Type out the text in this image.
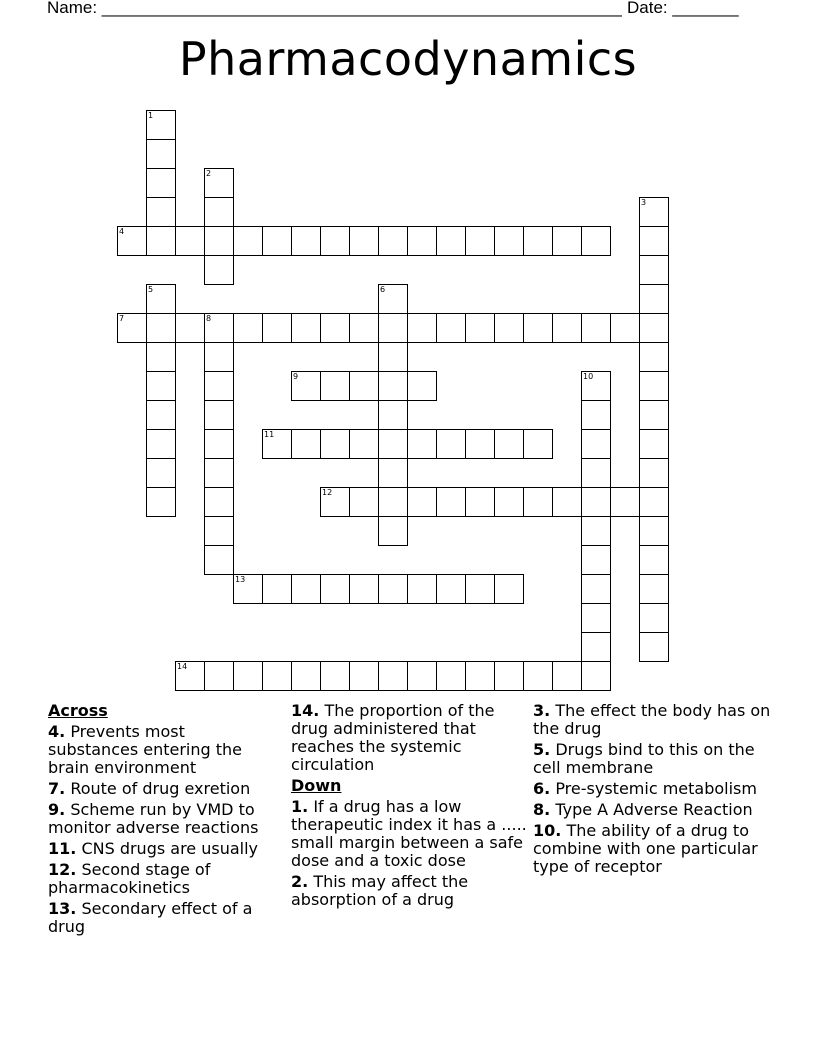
Name: _______________________________________________________ Date: _______
Pharmacodynamics
1
2
3
4
5	6
7	8
9	10
11
12
13
14
Across
4. Prevents most substances entering the brain environment
7. Route of drug exretion
9. Scheme run by VMD to monitor adverse reactions
11. CNS drugs are usually
12. Second stage of pharmacokinetics
13. Secondary effect of a drug
14. The proportion of the drug administered that reaches the systemic circulation
Down
1. If a drug has a low therapeutic index it has a ..... small margin between a safe dose and a toxic dose
2. This may affect the absorption of a drug
3. The effect the body has on the drug
5. Drugs bind to this on the cell membrane
6. Pre-systemic metabolism
8. Type A Adverse Reaction
10. The ability of a drug to combine with one particular type of receptor
